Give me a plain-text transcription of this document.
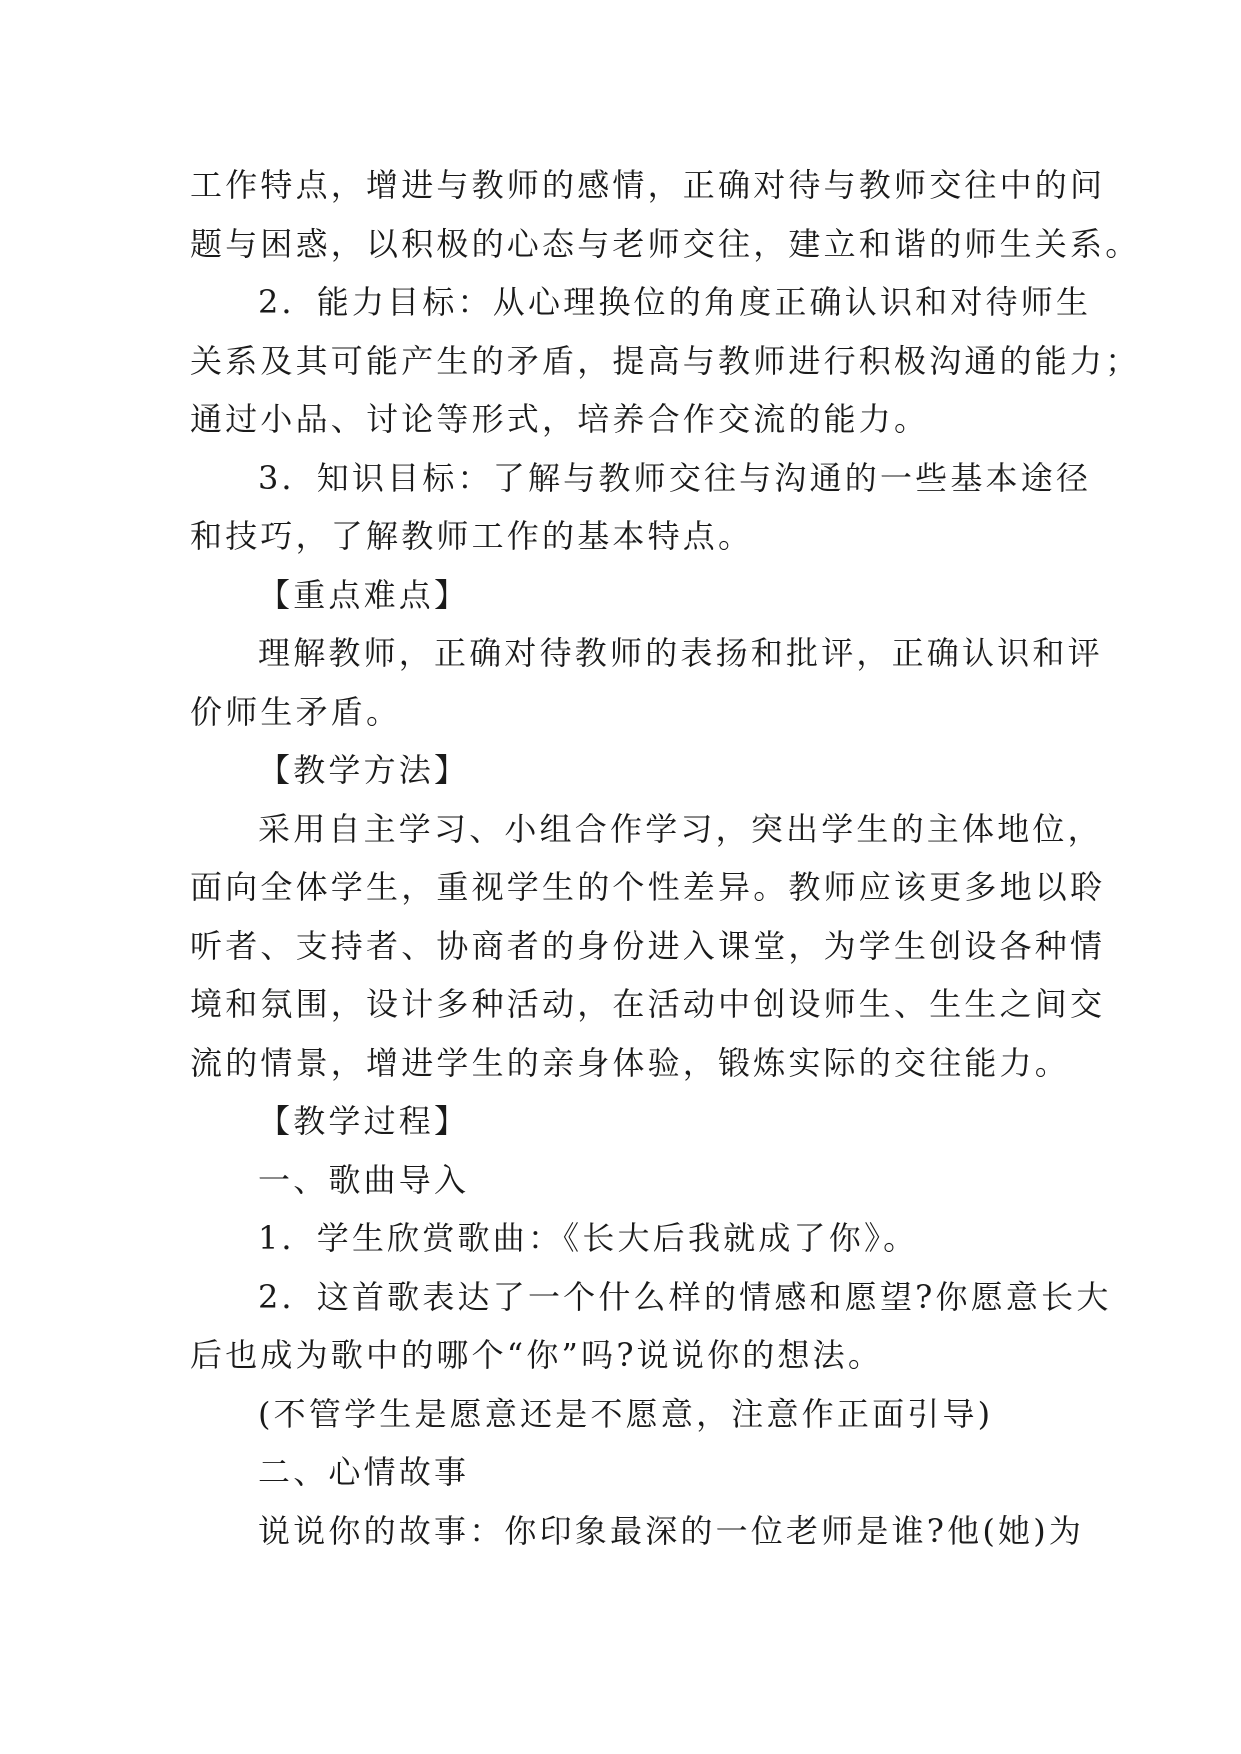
工作特点，增进与教师的感情，正确对待与教师交往中的问
题与困惑，以积极的心态与老师交往，建立和谐的师生关系。
2．能力目标：从心理换位的角度正确认识和对待师生
关系及其可能产生的矛盾，提高与教师进行积极沟通的能力；
通过小品、讨论等形式，培养合作交流的能力。
3．知识目标：了解与教师交往与沟通的一些基本途径
和技巧，了解教师工作的基本特点。
【重点难点】
理解教师，正确对待教师的表扬和批评，正确认识和评
价师生矛盾。
【教学方法】
采用自主学习、小组合作学习，突出学生的主体地位，
面向全体学生，重视学生的个性差异。教师应该更多地以聆
听者、支持者、协商者的身份进入课堂，为学生创设各种情
境和氛围，设计多种活动，在活动中创设师生、生生之间交
流的情景，增进学生的亲身体验，锻炼实际的交往能力。
【教学过程】
一、歌曲导入
1．学生欣赏歌曲：《长大后我就成了你》。
2．这首歌表达了一个什么样的情感和愿望?你愿意长大
后也成为歌中的哪个“你”吗?说说你的想法。
(不管学生是愿意还是不愿意，注意作正面引导)
二、心情故事
说说你的故事：你印象最深的一位老师是谁?他(她)为
